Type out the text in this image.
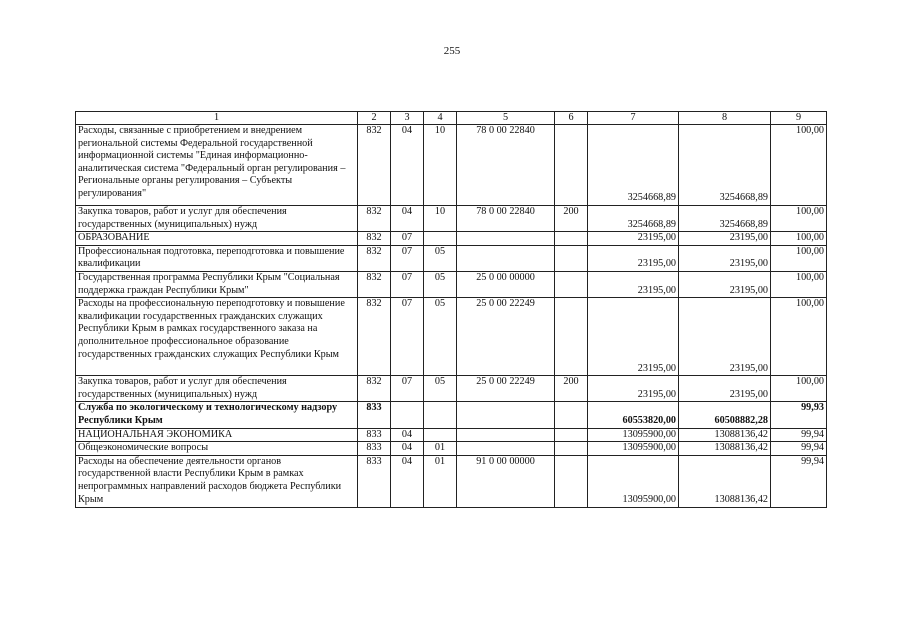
255
1	2	3	4	5	6	7	8	9
Расходы, связанные с приобретением и внедрением региональной системы Федеральной государственной информационной системы "Единая информационно-аналитическая система "Федеральный орган регулирования – Региональные органы регулирования – Субъекты регулирования"	832	04	10	78 0 00 22840		3254668,89	3254668,89	100,00
Закупка товаров, работ и услуг для обеспечения государственных (муниципальных) нужд	832	04	10	78 0 00 22840	200	3254668,89	3254668,89	100,00
ОБРАЗОВАНИЕ	832	07				23195,00	23195,00	100,00
Профессиональная подготовка, переподготовка и повышение квалификации	832	07	05			23195,00	23195,00	100,00
Государственная программа Республики Крым "Социальная поддержка граждан Республики Крым"	832	07	05	25 0 00 00000		23195,00	23195,00	100,00
Расходы на профессиональную переподготовку и повышение квалификации государственных гражданских служащих Республики Крым в рамках государственного заказа на дополнительное профессиональное образование государственных гражданских служащих Республики Крым	832	07	05	25 0 00 22249		23195,00	23195,00	100,00
Закупка товаров, работ и услуг для обеспечения государственных (муниципальных) нужд	832	07	05	25 0 00 22249	200	23195,00	23195,00	100,00
Служба по экологическому и технологическому надзору Республики Крым	833					60553820,00	60508882,28	99,93
НАЦИОНАЛЬНАЯ ЭКОНОМИКА	833	04				13095900,00	13088136,42	99,94
Общеэкономические вопросы	833	04	01			13095900,00	13088136,42	99,94
Расходы на обеспечение деятельности органов государственной власти Республики Крым в рамках непрограммных направлений расходов бюджета Республики Крым	833	04	01	91 0 00 00000		13095900,00	13088136,42	99,94
